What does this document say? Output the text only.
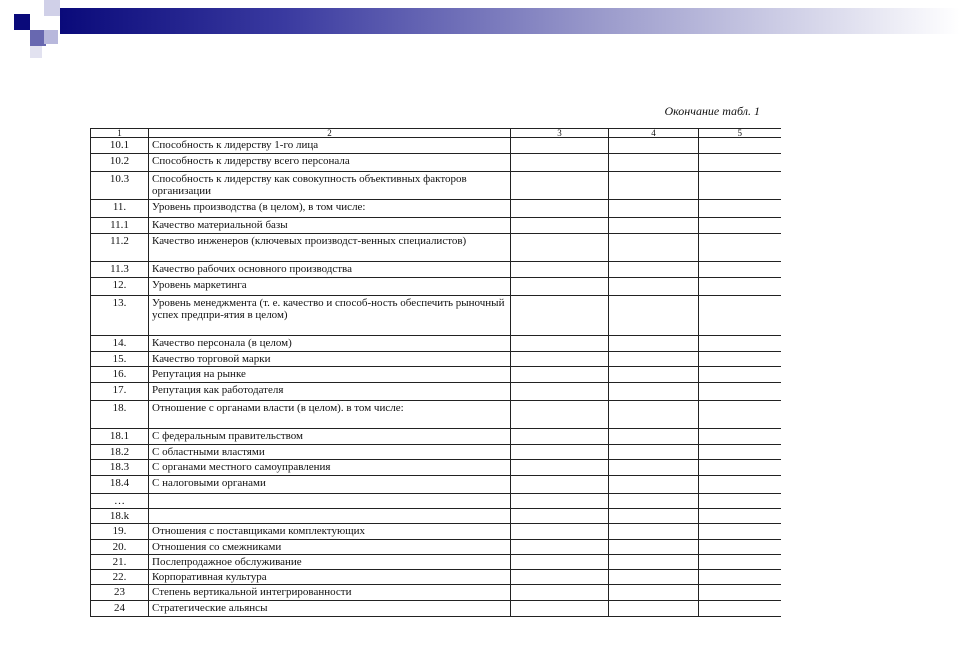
Окончание табл. 1
1	2	3	4	5
10.1	Способность к лидерству 1-го лица			
10.2	Способность к лидерству всего персонала			
10.3	Способность к лидерству как совокупность объективных факторов организации			
11.	Уровень производства (в целом), в том числе:			
11.1	Качество материальной базы			
11.2	Качество инженеров (ключевых производст-венных специалистов)			
11.3	Качество рабочих основного производства			
12.	Уровень маркетинга			
13.	Уровень менеджмента (т. е. качество и способ-ность обеспечить рыночный успех предпри-ятия в целом)			
14.	Качество персонала (в целом)			
15.	Качество торговой марки			
16.	Репутация на рынке			
17.	Репутация как работодателя			
18.	Отношение с органами власти (в целом). в том числе:			
18.1	С федеральным правительством			
18.2	С областными властями			
18.3	С органами местного самоуправления			
18.4	С налоговыми органами			
…				
18.k				
19.	Отношения с поставщиками комплектующих			
20.	Отношения со смежниками			
21.	Послепродажное обслуживание			
22.	Корпоративная культура			
23	Степень вертикальной интегрированности			
24	Стратегические альянсы			
